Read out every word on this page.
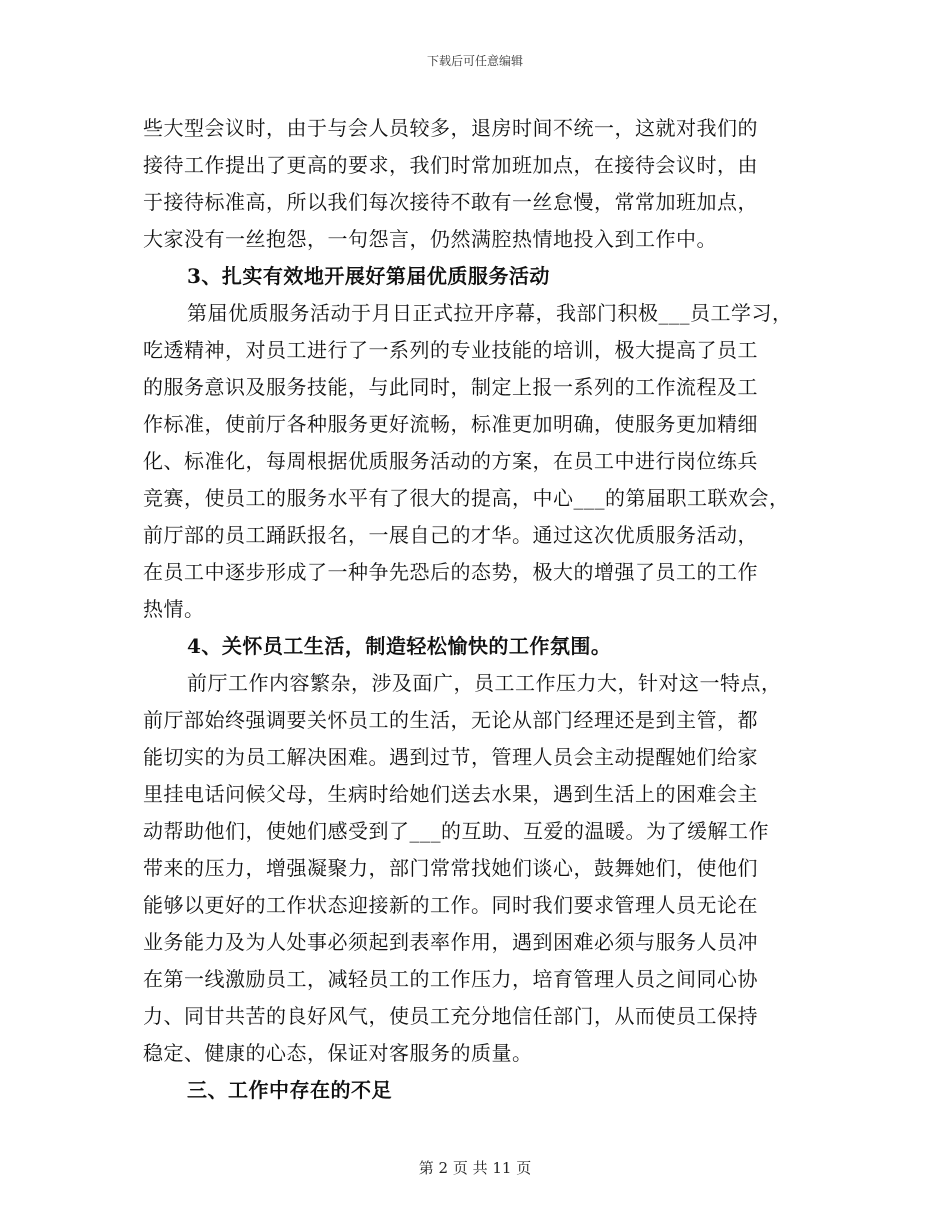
下载后可任意编辑
些大型会议时，由于与会人员较多，退房时间不统一，这就对我们的
接待工作提出了更高的要求，我们时常加班加点，在接待会议时，由
于接待标准高，所以我们每次接待不敢有一丝怠慢，常常加班加点，
大家没有一丝抱怨，一句怨言，仍然满腔热情地投入到工作中。
3、扎实有效地开展好第届优质服务活动
第届优质服务活动于月日正式拉开序幕，我部门积极___员工学习，
吃透精神，对员工进行了一系列的专业技能的培训，极大提高了员工
的服务意识及服务技能，与此同时，制定上报一系列的工作流程及工
作标准，使前厅各种服务更好流畅，标准更加明确，使服务更加精细
化、标准化，每周根据优质服务活动的方案，在员工中进行岗位练兵
竞赛，使员工的服务水平有了很大的提高，中心___的第届职工联欢会，
前厅部的员工踊跃报名，一展自己的才华。通过这次优质服务活动，
在员工中逐步形成了一种争先恐后的态势，极大的增强了员工的工作
热情。
4、关怀员工生活，制造轻松愉快的工作氛围。
前厅工作内容繁杂，涉及面广，员工工作压力大，针对这一特点，
前厅部始终强调要关怀员工的生活，无论从部门经理还是到主管，都
能切实的为员工解决困难。遇到过节，管理人员会主动提醒她们给家
里挂电话问候父母，生病时给她们送去水果，遇到生活上的困难会主
动帮助他们，使她们感受到了___的互助、互爱的温暖。为了缓解工作
带来的压力，增强凝聚力，部门常常找她们谈心，鼓舞她们，使他们
能够以更好的工作状态迎接新的工作。同时我们要求管理人员无论在
业务能力及为人处事必须起到表率作用，遇到困难必须与服务人员冲
在第一线激励员工，减轻员工的工作压力，培育管理人员之间同心协
力、同甘共苦的良好风气，使员工充分地信任部门，从而使员工保持
稳定、健康的心态，保证对客服务的质量。
三、工作中存在的不足
第 2 页 共 11 页
